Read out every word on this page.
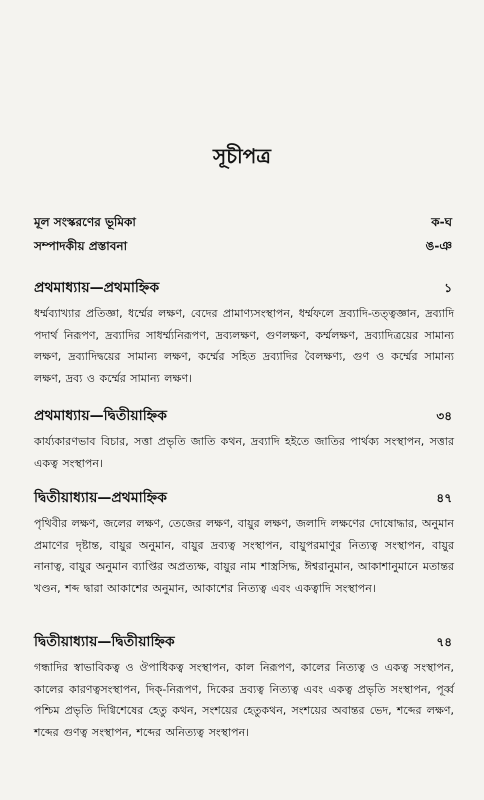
সূচীপত্র
মূল সংস্করণের ভূমিকা	ক-ঘ
সম্পাদকীয় প্রস্তাবনা	ঙ-ঞ
প্রথমাধ্যায়—প্রথমাহ্নিক	১
ধর্ম্মব্যাখ্যার প্রতিজ্ঞা, ধর্ম্মের লক্ষণ, বেদের প্রামাণ্যসংস্থাপন, ধর্ম্মফলে দ্রব্যাদি-তত্ত্বজ্ঞান, দ্রব্যাদি পদার্থ নিরূপণ, দ্রব্যাদির সাধর্ম্ম্যনিরূপণ, দ্রব্যলক্ষণ, গুণলক্ষণ, কর্ম্মলক্ষণ, দ্রব্যাদিত্রয়ের সামান্য লক্ষণ, দ্রব্যাদিদ্বয়ের সামান্য লক্ষণ, কর্ম্মের সহিত দ্রব্যাদির বৈলক্ষণ্য, গুণ ও কর্ম্মের সামান্য লক্ষণ, দ্রব্য ও কর্ম্মের সামান্য লক্ষণ।
প্রথমাধ্যায়—দ্বিতীয়াহ্নিক	৩৪
কার্য্যকারণভাব বিচার, সত্তা প্রভৃতি জাতি কথন, দ্রব্যাদি হইতে জাতির পার্থক্য সংস্থাপন, সত্তার একত্ব সংস্থাপন।
দ্বিতীয়াধ্যায়—প্রথমাহ্নিক	৪৭
পৃথিবীর লক্ষণ, জলের লক্ষণ, তেজের লক্ষণ, বায়ুর লক্ষণ, জলাদি লক্ষণের দোষোদ্ধার, অনুমান প্রমাণের দৃষ্টান্ত, বায়ুর অনুমান, বায়ুর দ্রব্যত্ব সংস্থাপন, বায়ুপরমাণুর নিত্যত্ব সংস্থাপন, বায়ুর নানাত্ব, বায়ুর অনুমান ব্যাপ্তির অপ্রত্যক্ষ, বায়ুর নাম শাস্ত্রসিদ্ধ, ঈশ্বরানুমান, আকাশানুমানে মতান্তর খণ্ডন, শব্দ দ্বারা আকাশের অনুমান, আকাশের নিত্যত্ব এবং একত্বাদি সংস্থাপন।
দ্বিতীয়াধ্যায়—দ্বিতীয়াহ্নিক	৭৪
গন্ধাদির স্বাভাবিকত্ব ও ঔপাধিকত্ব সংস্থাপন, কাল নিরূপণ, কালের নিত্যত্ব ও একত্ব সংস্থাপন, কালের কারণত্বসংস্থাপন, দিক্‌-নিরূপণ, দিকের দ্রব্যত্ব নিত্যত্ব এবং একত্ব প্রভৃতি সংস্থাপন, পূর্ব্ব পশ্চিম প্রভৃতি দিগ্বিশেষের হেতু কথন, সংশয়ের হেতুকথন, সংশয়ের অবান্তর ভেদ, শব্দের লক্ষণ, শব্দের গুণত্ব সংস্থাপন, শব্দের অনিত্যত্ব সংস্থাপন।
